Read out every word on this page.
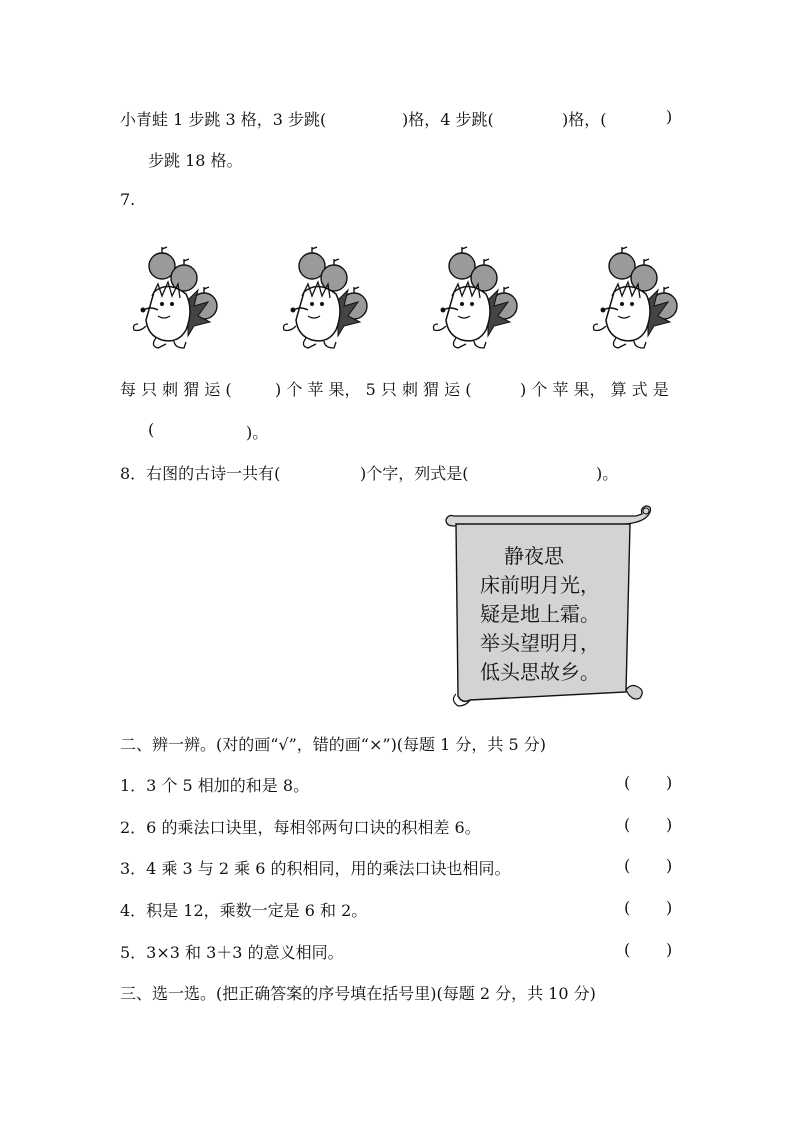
小青蛙 1 步跳 3 格，3 步跳(	)格，4 步跳(	)格，(	)
步跳 18 格。
7.
每 只 刺 猬 运 (	) 个 苹 果， 5 只 刺 猬 运 (	) 个 苹 果， 算 式 是
(	)。
8．右图的古诗一共有(	)个字，列式是(	)。
静夜思
床前明月光，
疑是地上霜。
举头望明月，
低头思故乡。
二、辨一辨。(对的画“√”，错的画“×”)(每题 1 分，共 5 分)
1．3 个 5 相加的和是 8。	( )
2．6 的乘法口诀里，每相邻两句口诀的积相差 6。	( )
3．4 乘 3 与 2 乘 6 的积相同，用的乘法口诀也相同。	( )
4．积是 12，乘数一定是 6 和 2。	( )
5．3×3 和 3＋3 的意义相同。	( )
三、选一选。(把正确答案的序号填在括号里)(每题 2 分，共 10 分)
